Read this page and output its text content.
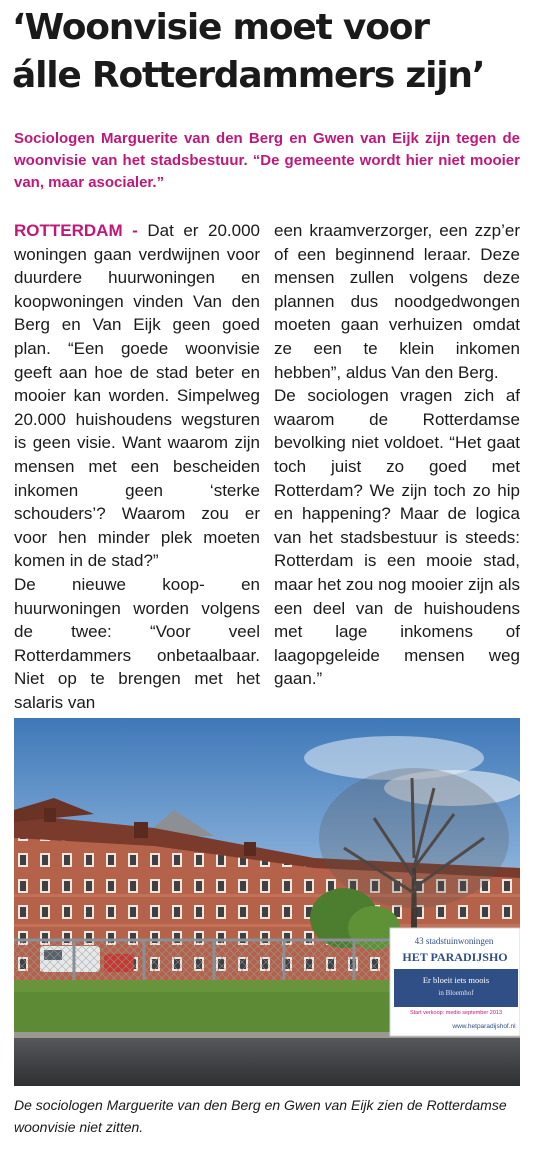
‘Woonvisie moet voor
álle Rotterdammers zijn’

Sociologen Marguerite van den Berg en Gwen van Eijk zijn tegen de woonvisie van het stadsbestuur. “De gemeente wordt hier niet mooier van, maar asocialer.”

ROTTERDAM - Dat er 20.000 woningen gaan verdwijnen voor duurdere huurwoningen en koopwoningen vinden Van den Berg en Van Eijk geen goed plan. “Een goede woonvisie geeft aan hoe de stad beter en mooier kan worden. Simpelweg 20.000 huishoudens wegsturen is geen visie. Want waarom zijn mensen met een bescheiden inkomen geen ‘sterke schouders’? Waarom zou er voor hen minder plek moeten komen in de stad?”

De nieuwe koop- en huurwoningen worden volgens de twee: “Voor veel Rotterdammers onbetaalbaar. Niet op te brengen met het salaris van

een kraamverzorger, een zzp’er of een beginnend leraar. Deze mensen zullen volgens deze plannen dus noodgedwongen moeten gaan verhuizen omdat ze een te klein inkomen hebben”, aldus Van den Berg.

De sociologen vragen zich af waarom de Rotterdamse bevolking niet voldoet. “Het gaat toch juist zo goed met Rotterdam? We zijn toch zo hip en happening? Maar de logica van het stadsbestuur is steeds: Rotterdam is een mooie stad, maar het zou nog mooier zijn als een deel van de huishoudens met lage inkomens of laagopgeleide mensen weg gaan.”

43 stadstuinwoningen
HET PARADIJSHO
Er bloeit iets moois
in Bloemhof
Start verkoop: medio september 2013
www.hetparadijshof.nl

De sociologen Marguerite van den Berg en Gwen van Eijk zien de Rotterdamse woonvisie niet zitten.
